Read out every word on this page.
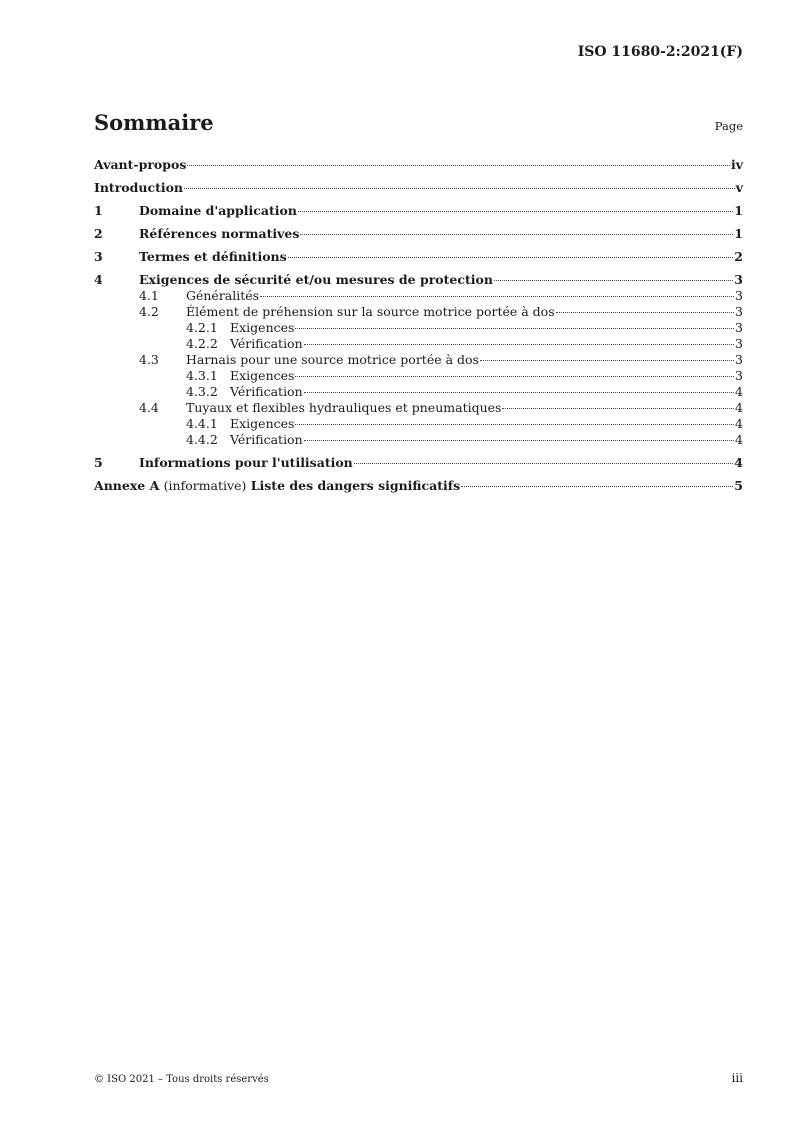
ISO 11680-2:2021(F)
Sommaire	Page
Avant-propos	iv
Introduction	v
1	Domaine d'application	1
2	Références normatives	1
3	Termes et définitions	2
4	Exigences de sécurité et/ou mesures de protection	3
4.1	Généralités	3
4.2	Élément de préhension sur la source motrice portée à dos	3
4.2.1 Exigences	3
4.2.2 Vérification	3
4.3	Harnais pour une source motrice portée à dos	3
4.3.1 Exigences	3
4.3.2 Vérification	4
4.4	Tuyaux et flexibles hydrauliques et pneumatiques	4
4.4.1 Exigences	4
4.4.2 Vérification	4
5	Informations pour l'utilisation	4
Annexe A (informative) Liste des dangers significatifs	5
© ISO 2021 – Tous droits réservés	iii
